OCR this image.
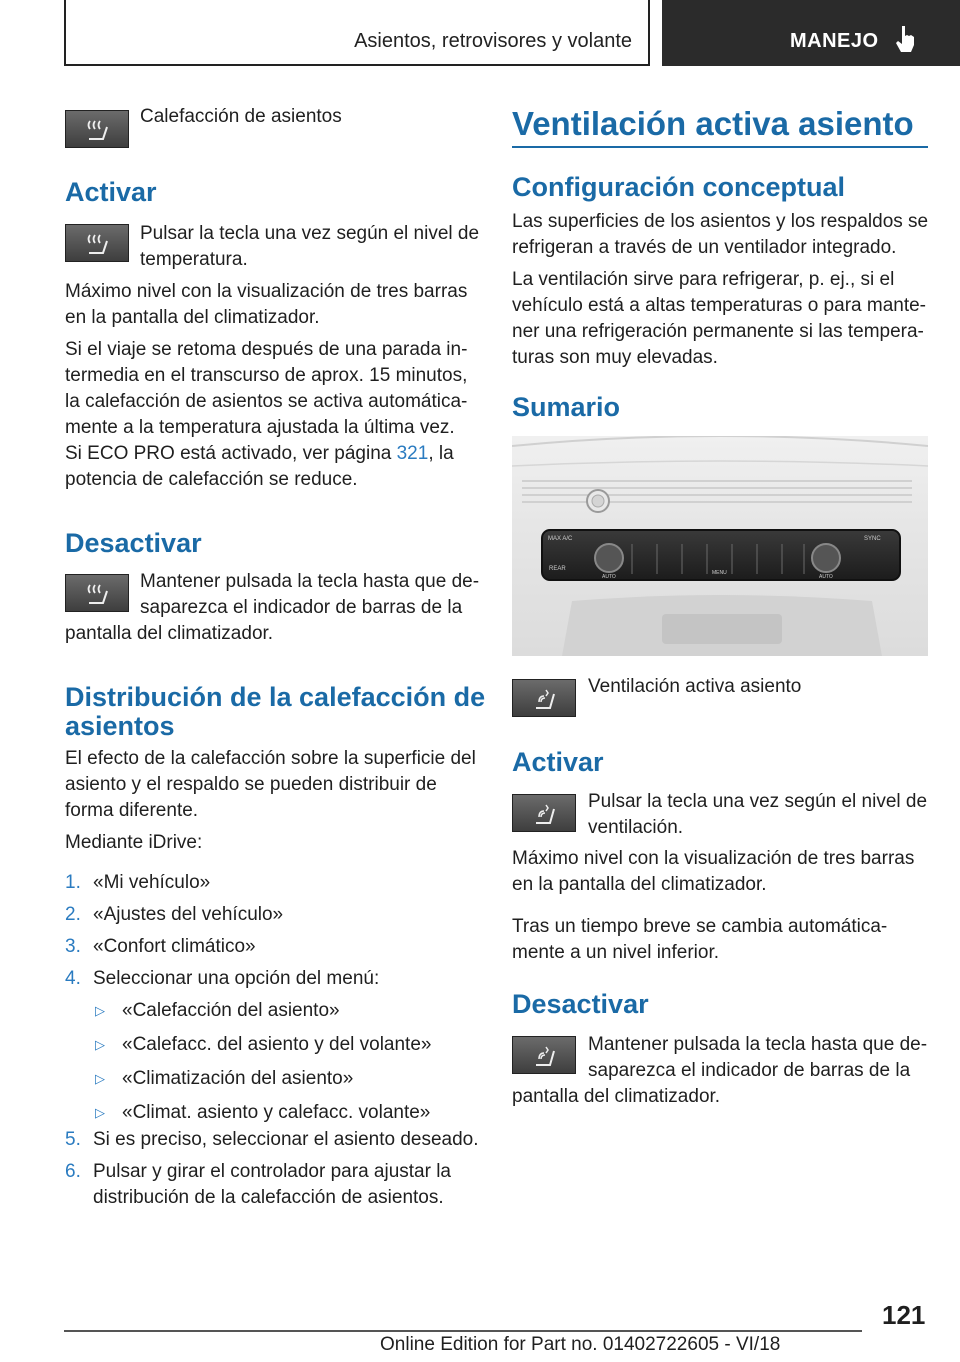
Asientos, retrovisores y volante	MANEJO
Calefacción de asientos
Activar
Pulsar la tecla una vez según el nivel de
temperatura.
Máximo nivel con la visualización de tres barras
en la pantalla del climatizador.
Si el viaje se retoma después de una parada in‐
termedia en el transcurso de aprox. 15 minutos,
la calefacción de asientos se activa automática‐
mente a la temperatura ajustada la última vez.
Si ECO PRO está activado, ver página 321, la
potencia de calefacción se reduce.
Desactivar
Mantener pulsada la tecla hasta que de‐
saparezca el indicador de barras de la
pantalla del climatizador.
Distribución de la calefacción de
asientos
El efecto de la calefacción sobre la superficie del
asiento y el respaldo se pueden distribuir de
forma diferente.
Mediante iDrive:
1. «Mi vehículo»
2. «Ajustes del vehículo»
3. «Confort climático»
4. Seleccionar una opción del menú:
▷ «Calefacción del asiento»
▷ «Calefacc. del asiento y del volante»
▷ «Climatización del asiento»
▷ «Climat. asiento y calefacc. volante»
5. Si es preciso, seleccionar el asiento deseado.
6. Pulsar y girar el controlador para ajustar la
distribución de la calefacción de asientos.
Ventilación activa asiento
Configuración conceptual
Las superficies de los asientos y los respaldos se
refrigeran a través de un ventilador integrado.
La ventilación sirve para refrigerar, p. ej., si el
vehículo está a altas temperaturas o para mante‐
ner una refrigeración permanente si las tempera‐
turas son muy elevadas.
Sumario
MAX A/C
REAR
AUTO	AUTO
MENU
SYNC
Ventilación activa asiento
Activar
Pulsar la tecla una vez según el nivel de
ventilación.
Máximo nivel con la visualización de tres barras
en la pantalla del climatizador.
Tras un tiempo breve se cambia automática‐
mente a un nivel inferior.
Desactivar
Mantener pulsada la tecla hasta que de‐
saparezca el indicador de barras de la
pantalla del climatizador.
121
Online Edition for Part no. 01402722605 - VI/18
